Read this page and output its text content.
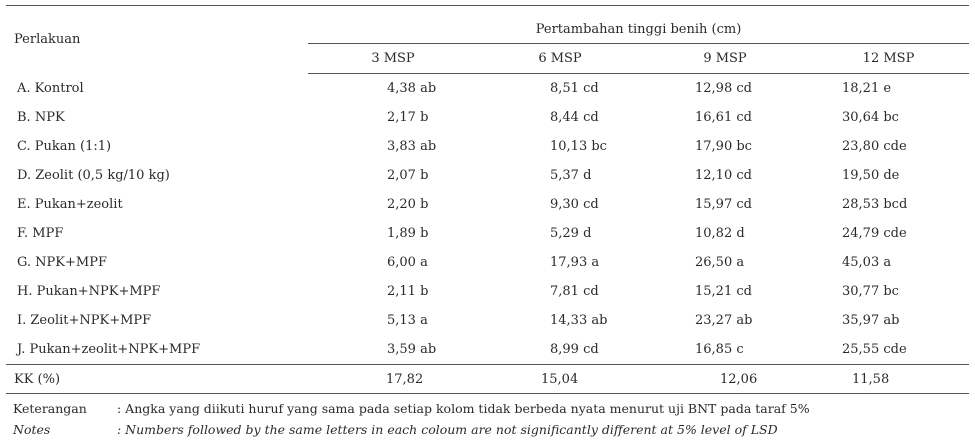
Perlakuan	Pertambahan tinggi benih (cm)			
	3 MSP	6 MSP	9 MSP	12 MSP
A. Kontrol	4,38 ab	8,51 cd	12,98 cd	18,21 e
B. NPK	2,17 b	8,44 cd	16,61 cd	30,64 bc
C. Pukan (1:1)	3,83 ab	10,13 bc	17,90 bc	23,80 cde
D. Zeolit (0,5 kg/10 kg)	2,07 b	5,37 d	12,10 cd	19,50 de
E. Pukan+zeolit	2,20 b	9,30 cd	15,97 cd	28,53 bcd
F. MPF	1,89 b	5,29 d	10,82 d	24,79 cde
G. NPK+MPF	6,00 a	17,93 a	26,50 a	45,03 a
H. Pukan+NPK+MPF	2,11 b	7,81 cd	15,21 cd	30,77 bc
I. Zeolit+NPK+MPF	5,13 a	14,33 ab	23,27 ab	35,97 ab
J. Pukan+zeolit+NPK+MPF	3,59 ab	8,99 cd	16,85 c	25,55 cde
KK (%)	17,82	15,04	12,06	11,58
Keterangan : Angka yang diikuti huruf yang sama pada setiap kolom tidak berbeda nyata menurut uji BNT pada taraf 5%
Notes	: Numbers followed by the same letters in each coloum are not significantly different at 5% level of LSD
